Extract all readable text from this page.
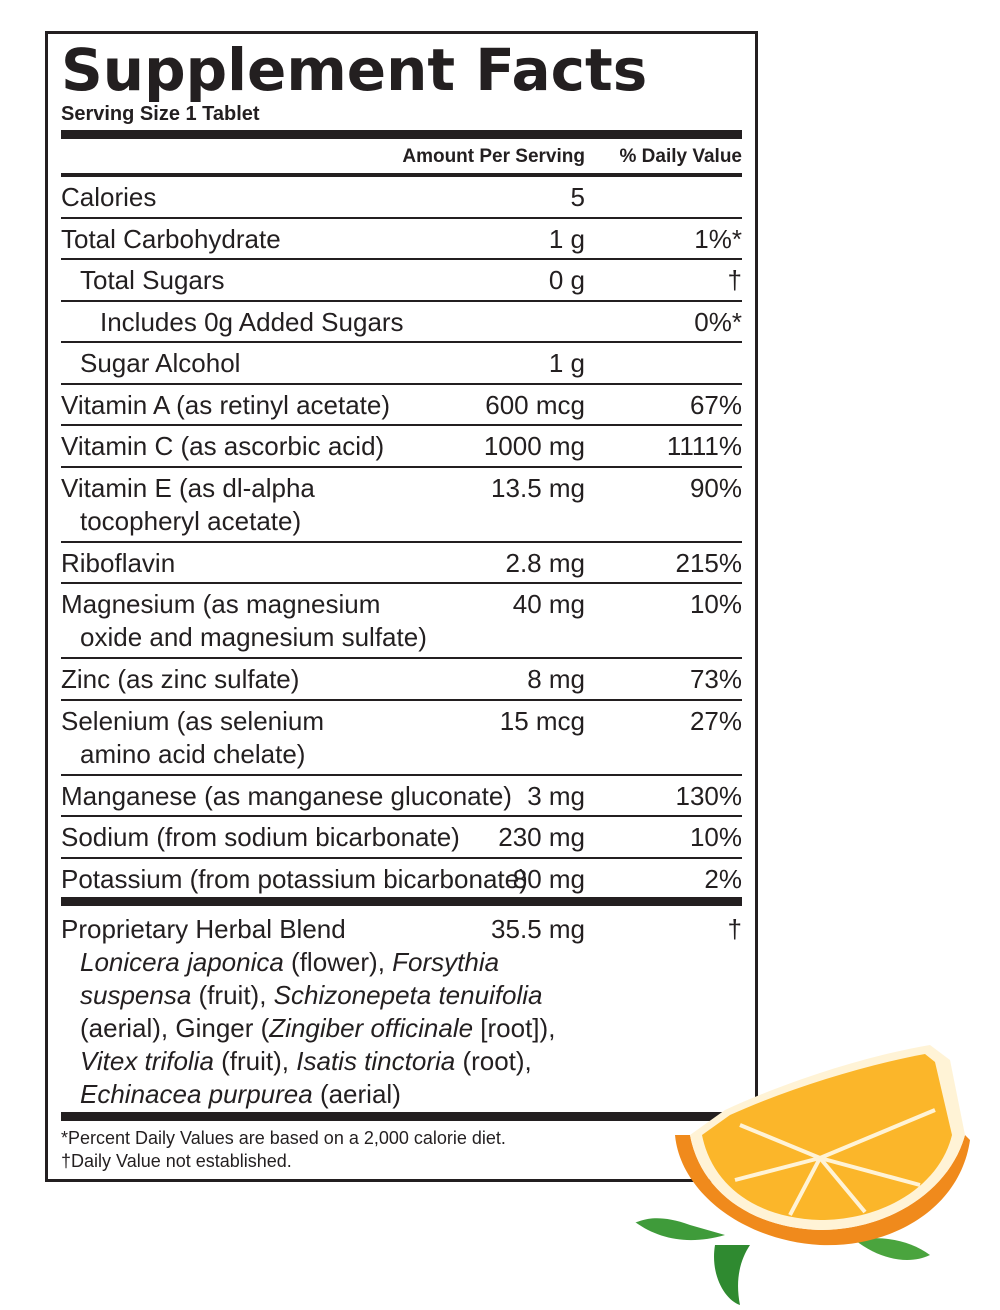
Supplement Facts
Serving Size 1 Tablet
Amount Per Serving % Daily Value
Calories	5
Total Carbohydrate	1 g	1%*
Total Sugars	0 g	†
Includes 0g Added Sugars	0%*
Sugar Alcohol	1 g
Vitamin A (as retinyl acetate)	600 mcg	67%
Vitamin C (as ascorbic acid)	1000 mg	1111%
Vitamin E (as dl-alpha
tocopheryl acetate)
13.5 mg	90%
Riboflavin	2.8 mg	215%
Magnesium (as magnesium
oxide and magnesium sulfate)
40 mg	10%
Zinc (as zinc sulfate)	8 mg	73%
Selenium (as selenium
amino acid chelate)
15 mcg	27%
Manganese (as manganese gluconate) 3 mg	130%
Sodium (from sodium bicarbonate) 230 mg	10%
Potassium (from potassium bicarbonate)
80 mg	2%
Proprietary Herbal Blend	35.5 mg	†
Lonicera japonica (flower), Forsythia
suspensa (fruit), Schizonepeta tenuifolia
(aerial), Ginger (Zingiber officinale [root]),
Vitex trifolia (fruit), Isatis tinctoria (root),
Echinacea purpurea (aerial)
*Percent Daily Values are based on a 2,000 calorie diet.
†Daily Value not established.
